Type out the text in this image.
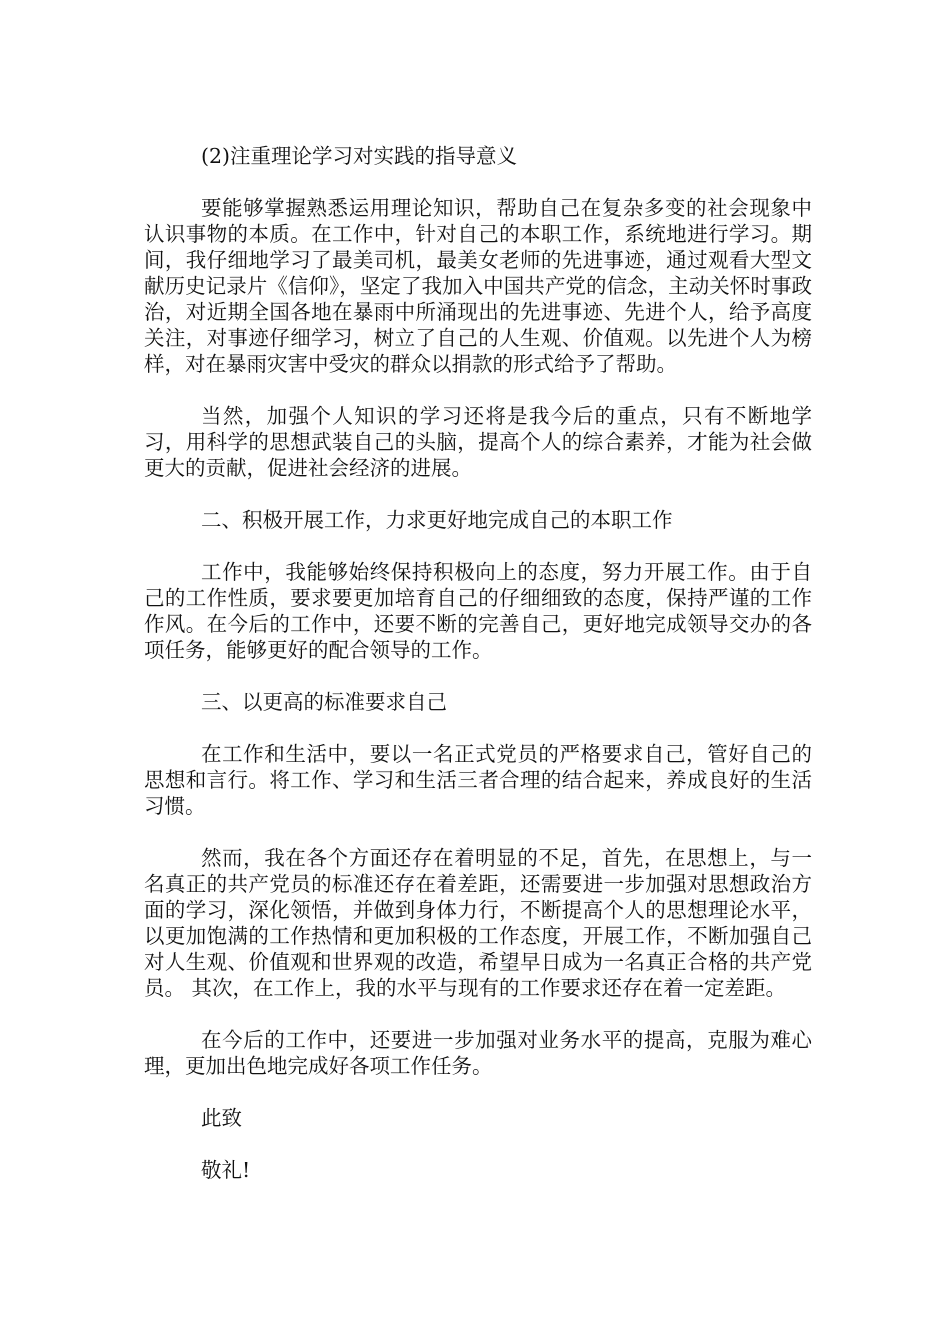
(2)注重理论学习对实践的指导意义

要能够掌握熟悉运用理论知识，帮助自己在复杂多变的社会现象中认识事物的本质。在工作中，针对自己的本职工作，系统地进行学习。期间，我仔细地学习了最美司机，最美女老师的先进事迹，通过观看大型文献历史记录片《信仰》，坚定了我加入中国共产党的信念，主动关怀时事政治，对近期全国各地在暴雨中所涌现出的先进事迹、先进个人，给予高度关注，对事迹仔细学习，树立了自己的人生观、价值观。以先进个人为榜样，对在暴雨灾害中受灾的群众以捐款的形式给予了帮助。

当然，加强个人知识的学习还将是我今后的重点，只有不断地学习，用科学的思想武装自己的头脑，提高个人的综合素养，才能为社会做更大的贡献，促进社会经济的进展。

二、积极开展工作，力求更好地完成自己的本职工作

工作中，我能够始终保持积极向上的态度，努力开展工作。由于自己的工作性质，要求要更加培育自己的仔细细致的态度，保持严谨的工作作风。在今后的工作中，还要不断的完善自己，更好地完成领导交办的各项任务，能够更好的配合领导的工作。

三、以更高的标准要求自己

在工作和生活中，要以一名正式党员的严格要求自己，管好自己的思想和言行。将工作、学习和生活三者合理的结合起来，养成良好的生活习惯。

然而，我在各个方面还存在着明显的不足，首先，在思想上，与一名真正的共产党员的标准还存在着差距，还需要进一步加强对思想政治方面的学习，深化领悟，并做到身体力行，不断提高个人的思想理论水平，以更加饱满的工作热情和更加积极的工作态度，开展工作，不断加强自己对人生观、价值观和世界观的改造，希望早日成为一名真正合格的共产党员。 其次，在工作上，我的水平与现有的工作要求还存在着一定差距。

在今后的工作中，还要进一步加强对业务水平的提高，克服为难心理，更加出色地完成好各项工作任务。

此致

敬礼!
